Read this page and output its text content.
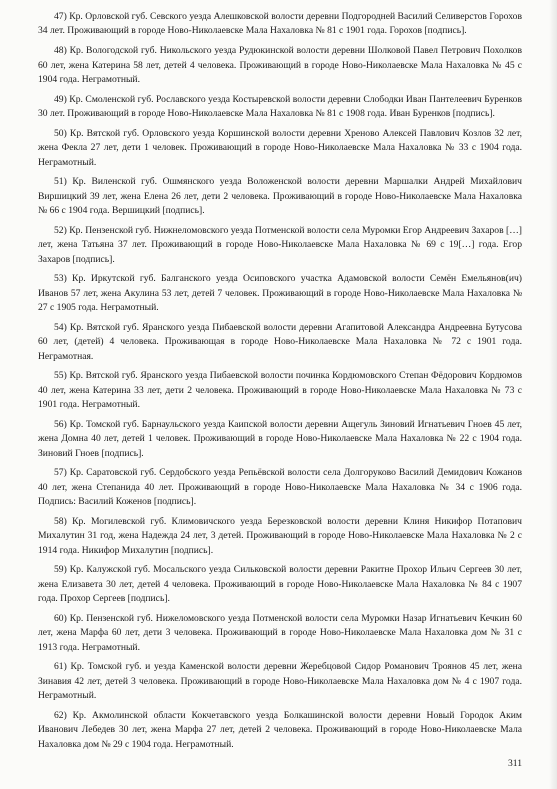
47) Кр. Орловской губ. Севского уезда Алешковской волости деревни Подгородней Василий Селиверстов Горохов 34 лет. Проживающий в городе Ново-Николаевске Мала Нахаловка № 81 с 1901 года. Горохов [подпись].

48) Кр. Вологодской губ. Никольского уезда Рудюкинской волости деревни Шолковой Павел Петрович Похолков 60 лет, жена Катерина 58 лет, детей 4 человека. Проживающий в городе Ново-Николаевске Мала Нахаловка № 45 с 1904 года. Неграмотный.

49) Кр. Смоленской губ. Рославского уезда Костыревской волости деревни Слободки Иван Пантелеевич Буренков 30 лет. Проживающий в городе Ново-Николаевске Мала Нахаловка № 81 с 1908 года. Иван Буренков [подпись].

50) Кр. Вятской губ. Орловского уезда Коршинской волости деревни Хреново Алексей Павлович Козлов 32 лет, жена Фекла 27 лет, дети 1 человек. Проживающий в городе Ново-Николаевске Мала Нахаловка № 33 с 1904 года. Неграмотный.

51) Кр. Виленской губ. Ошмянского уезда Воложенской волости деревни Маршалки Андрей Михайлович Виршицкий 39 лет, жена Елена 26 лет, дети 2 человека. Проживающий в городе Ново-Николаевске Мала Нахаловка № 66 с 1904 года. Вершицкий [подпись].

52) Кр. Пензенской губ. Нижнеломовского уезда Потменской волости села Муромки Егор Андреевич Захаров […] лет, жена Татьяна 37 лет. Проживающий в городе Ново-Николаевске Мала Нахаловка № 69 с 19[…] года. Егор Захаров [подпись].

53) Кр. Иркутской губ. Балганского уезда Осиповского участка Адамовской волости Семён Емельянов(ич) Иванов 57 лет, жена Акулина 53 лет, детей 7 человек. Проживающий в городе Ново-Николаевске Мала Нахаловка № 27 с 1905 года. Неграмотный.

54) Кр. Вятской губ. Яранского уезда Пибаевской волости деревни Агапитовой Александра Андреевна Бутусова 60 лет, (детей) 4 человека. Проживающая в городе Ново-Николаевске Мала Нахаловка № 72 с 1901 года. Неграмотная.

55) Кр. Вятской губ. Яранского уезда Пибаевской волости починка Кордюмовского Степан Фёдорович Кордюмов 40 лет, жена Катерина 33 лет, дети 2 человека. Проживающий в городе Ново-Николаевске Мала Нахаловка № 73 с 1901 года. Неграмотный.

56) Кр. Томской губ. Барнаульского уезда Каипской волости деревни Ащегуль Зиновий Игнатьевич Гноев 45 лет, жена Домна 40 лет, детей 1 человек. Проживающий в городе Ново-Николаевске Мала Нахаловка № 22 с 1904 года. Зиновий Гноев [подпись].

57) Кр. Саратовской губ. Сердобского уезда Репьёвской волости села Долгоруково Василий Демидович Кожанов 40 лет, жена Степанида 40 лет. Проживающий в городе Ново-Николаевске Мала Нахаловка № 34 с 1906 года. Подпись: Василий Коженов [подпись].

58) Кр. Могилевской губ. Климовичского уезда Березковской волости деревни Клиня Никифор Потапович Михалутин 31 год, жена Надежда 24 лет, 3 детей. Проживающий в городе Ново-Николаевске Мала Нахаловка № 2 с 1914 года. Никифор Михалутин [подпись].

59) Кр. Калужской губ. Мосальского уезда Сильковской волости деревни Ракитне Прохор Ильич Сергеев 30 лет, жена Елизавета 30 лет, детей 4 человека. Проживающий в городе Ново-Николаевске Мала Нахаловка № 84 с 1907 года. Прохор Сергеев [подпись].

60) Кр. Пензенской губ. Нижеломовского уезда Потменской волости села Муромки Назар Игнатьевич Кечкин 60 лет, жена Марфа 60 лет, дети 3 человека. Проживающий в городе Ново-Николаевске Мала Нахаловка дом № 31 с 1913 года. Неграмотный.

61) Кр. Томской губ. и уезда Каменской волости деревни Жеребцовой Сидор Романович Троянов 45 лет, жена Зинавия 42 лет, детей 3 человека. Проживающий в городе Ново-Николаевске Мала Нахаловка дом № 4 с 1907 года. Неграмотный.

62) Кр. Акмолинской области Кокчетавского уезда Болкашинской волости деревни Новый Городок Аким Иванович Лебедев 30 лет, жена Марфа 27 лет, детей 2 человека. Проживающий в городе Ново-Николаевске Мала Нахаловка дом № 29 с 1904 года. Неграмотный.

311
